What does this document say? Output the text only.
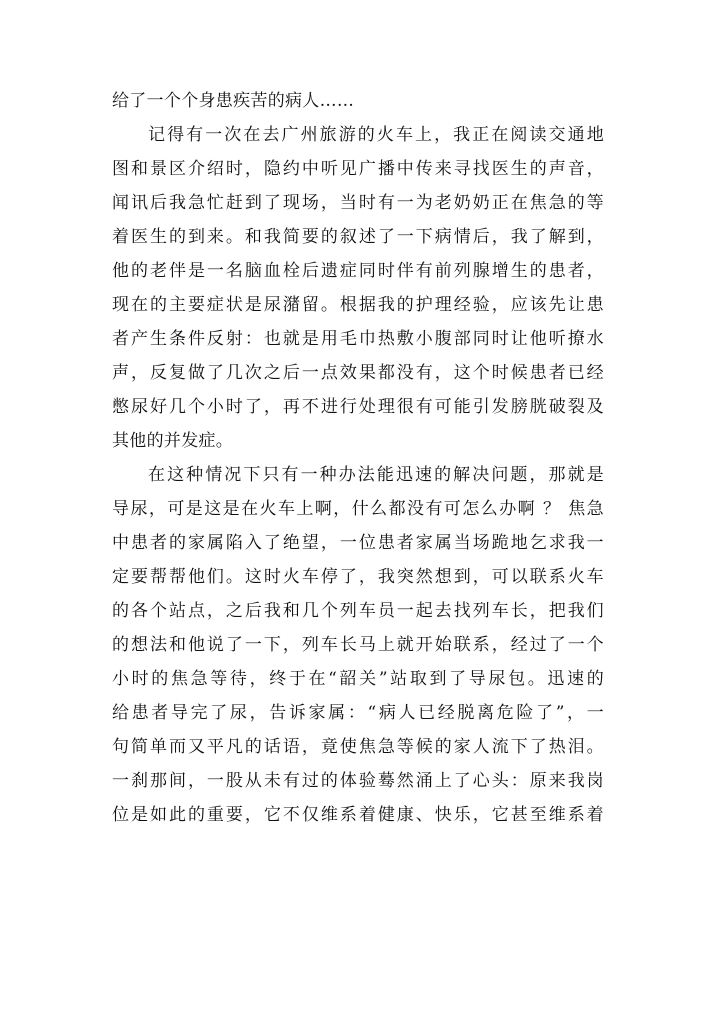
给了一个个身患疾苦的病人……
记得有一次在去广州旅游的火车上，我正在阅读交通地
图和景区介绍时，隐约中听见广播中传来寻找医生的声音，
闻讯后我急忙赶到了现场，当时有一为老奶奶正在焦急的等
着医生的到来。和我简要的叙述了一下病情后，我了解到，
他的老伴是一名脑血栓后遗症同时伴有前列腺增生的患者，
现在的主要症状是尿潴留。根据我的护理经验，应该先让患
者产生条件反射：也就是用毛巾热敷小腹部同时让他听撩水
声，反复做了几次之后一点效果都没有，这个时候患者已经
憋尿好几个小时了，再不进行处理很有可能引发膀胱破裂及
其他的并发症。
在这种情况下只有一种办法能迅速的解决问题，那就是
导尿，可是这是在火车上啊，什么都没有可怎么办啊 ？ 焦急
中患者的家属陷入了绝望，一位患者家属当场跪地乞求我一
定要帮帮他们。这时火车停了，我突然想到，可以联系火车
的各个站点，之后我和几个列车员一起去找列车长，把我们
的想法和他说了一下，列车长马上就开始联系，经过了一个
小时的焦急等待，终于在“韶关”站取到了导尿包。迅速的
给患者导完了尿，告诉家属：“病人已经脱离危险了”，一
句简单而又平凡的话语，竟使焦急等候的家人流下了热泪。
一刹那间，一股从未有过的体验蓦然涌上了心头：原来我岗
位是如此的重要，它不仅维系着健康、快乐，它甚至维系着
